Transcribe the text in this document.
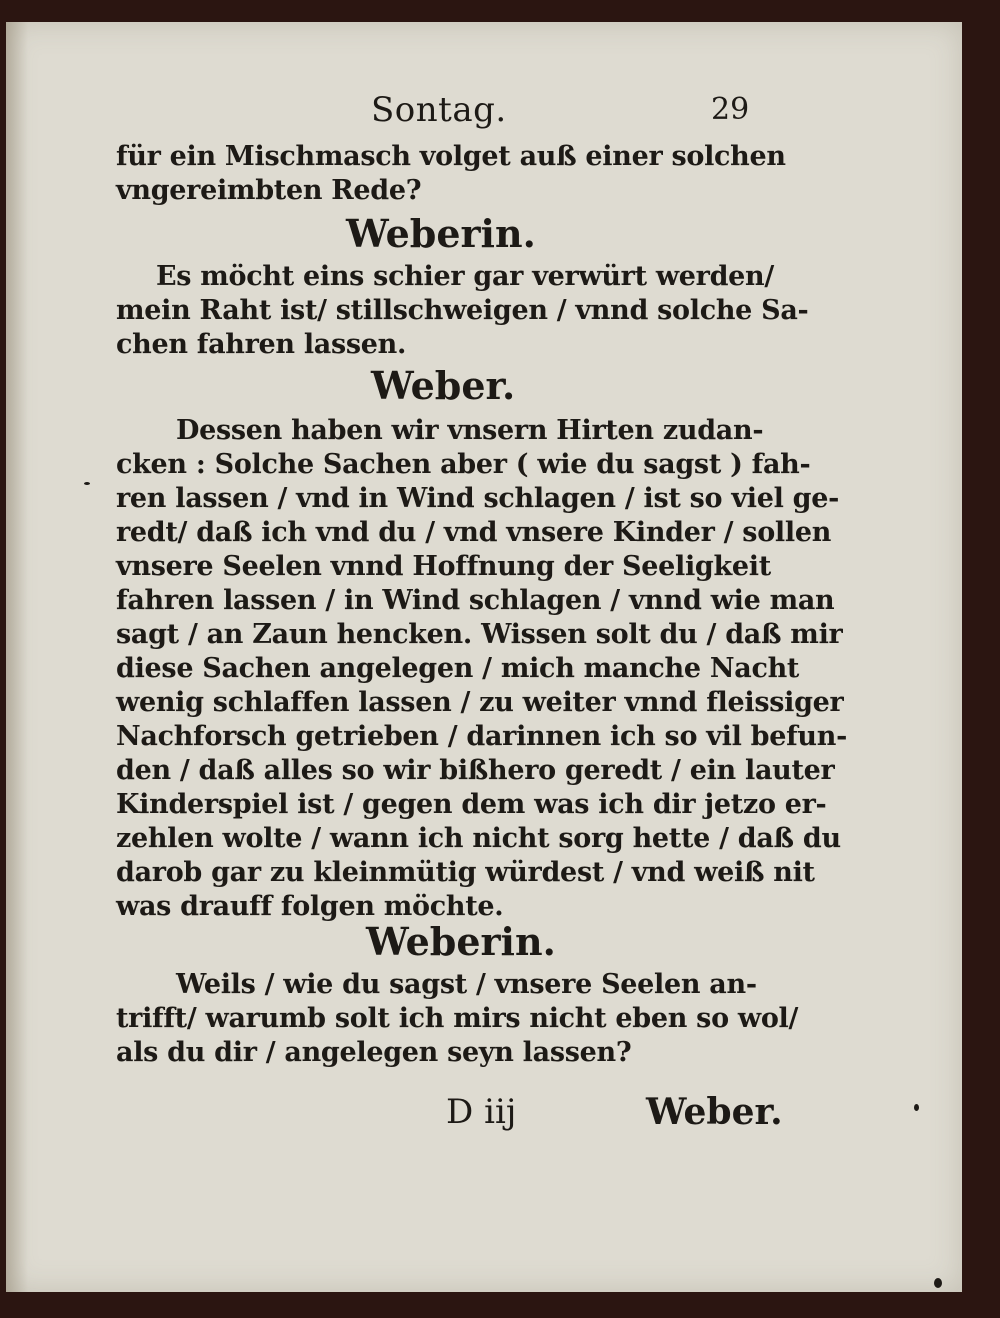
Sontag.	29
für ein Mischmasch volget auß einer solchen
vngereimbten Rede?
Weberin.
Es möcht eins schier gar verwürt werden/
mein Raht ist/ stillschweigen / vnnd solche Sa-
chen fahren lassen.
Weber.
Dessen haben wir vnsern Hirten zudan-
cken : Solche Sachen aber ( wie du sagst ) fah-
ren lassen / vnd in Wind schlagen / ist so viel ge-
redt/ daß ich vnd du / vnd vnsere Kinder / sollen
vnsere Seelen vnnd Hoffnung der Seeligkeit
fahren lassen / in Wind schlagen / vnnd wie man
sagt / an Zaun hencken. Wissen solt du / daß mir
diese Sachen angelegen / mich manche Nacht
wenig schlaffen lassen / zu weiter vnnd fleissiger
Nachforsch getrieben / darinnen ich so vil befun-
den / daß alles so wir bißhero geredt / ein lauter
Kinderspiel ist / gegen dem was ich dir jetzo er-
zehlen wolte / wann ich nicht sorg hette / daß du
darob gar zu kleinmütig würdest / vnd weiß nit
was drauff folgen möchte.
Weberin.
Weils / wie du sagst / vnsere Seelen an-
trifft/ warumb solt ich mirs nicht eben so wol/
als du dir / angelegen seyn lassen?
D iij	Weber.
